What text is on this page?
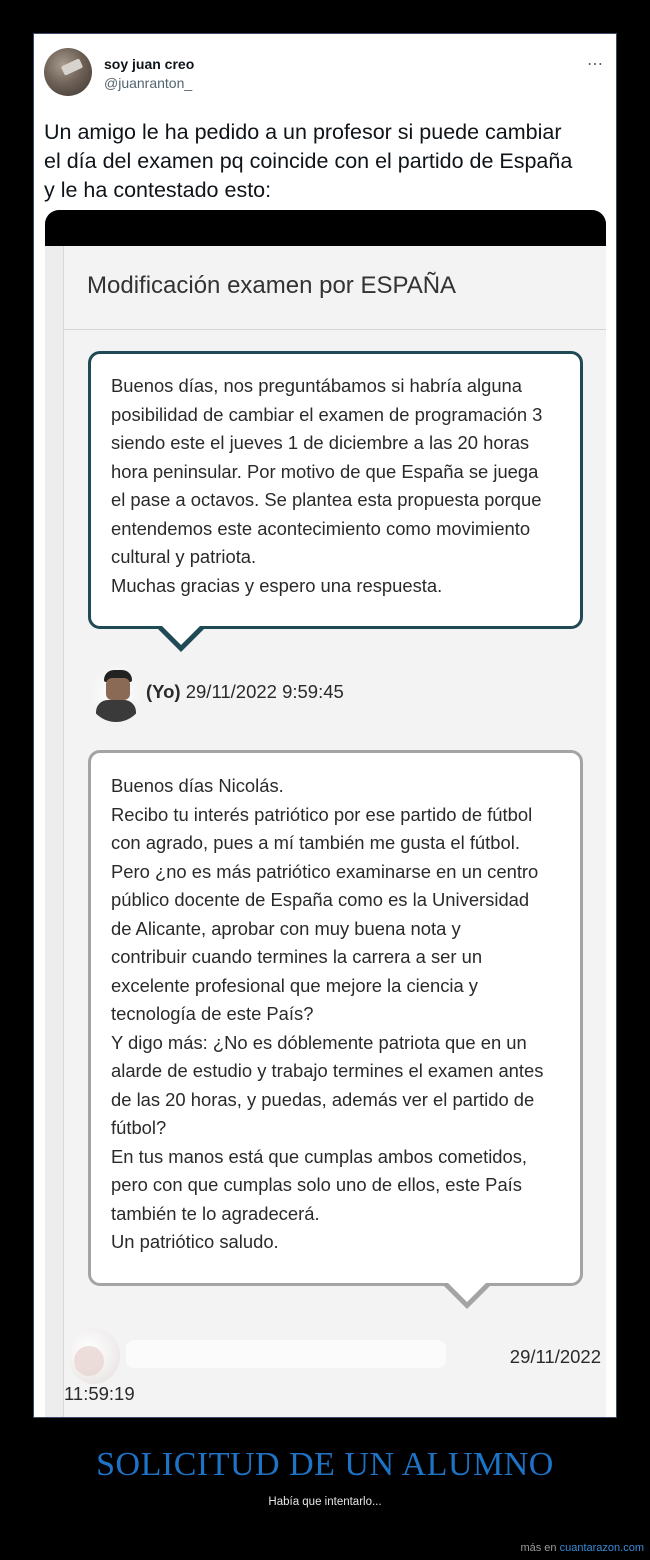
soy juan creo
@juanranton_
⋯
Un amigo le ha pedido a un profesor si puede cambiar
el día del examen pq coincide con el partido de España
y le ha contestado esto:
Modificación examen por ESPAÑA
Buenos días, nos preguntábamos si habría alguna
posibilidad de cambiar el examen de programación 3
siendo este el jueves 1 de diciembre a las 20 horas
hora peninsular. Por motivo de que España se juega
el pase a octavos. Se plantea esta propuesta porque
entendemos este acontecimiento como movimiento
cultural y patriota.
Muchas gracias y espero una respuesta.
(Yo) 29/11/2022 9:59:45
Buenos días Nicolás.
Recibo tu interés patriótico por ese partido de fútbol
con agrado, pues a mí también me gusta el fútbol.
Pero ¿no es más patriótico examinarse en un centro
público docente de España como es la Universidad
de Alicante, aprobar con muy buena nota y
contribuir cuando termines la carrera a ser un
excelente profesional que mejore la ciencia y
tecnología de este País?
Y digo más: ¿No es dóblemente patriota que en un
alarde de estudio y trabajo termines el examen antes
de las 20 horas, y puedas, además ver el partido de
fútbol?
En tus manos está que cumplas ambos cometidos,
pero con que cumplas solo uno de ellos, este País
también te lo agradecerá.
Un patriótico saludo.
29/11/2022
11:59:19
SOLICITUD DE UN ALUMNO
Había que intentarlo...
más en cuantarazon.com
